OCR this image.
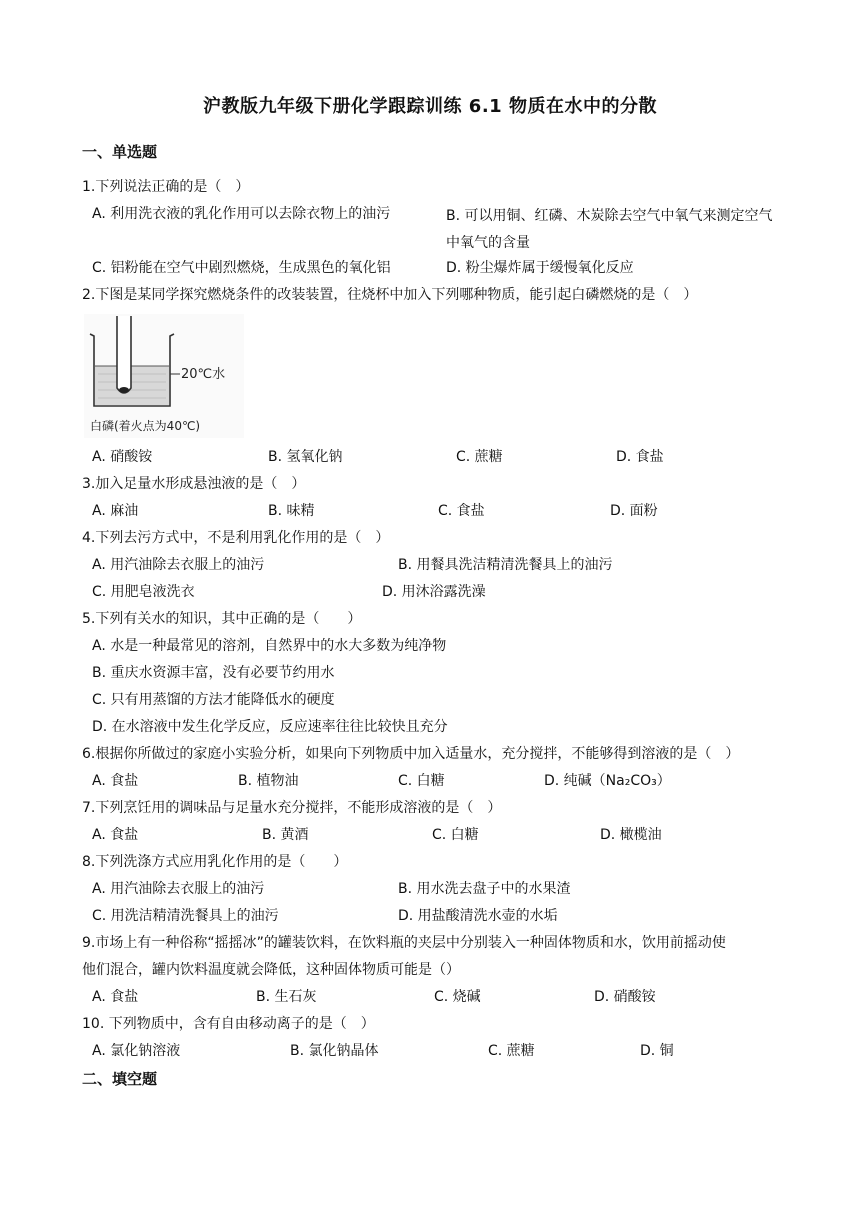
沪教版九年级下册化学跟踪训练 6.1 物质在水中的分散
一、单选题
1.下列说法正确的是（　）
A. 利用洗衣液的乳化作用可以去除衣物上的油污	B. 可以用铜、红磷、木炭除去空气中氧气来测定空气中氧气的含量
C. 铝粉能在空气中剧烈燃烧，生成黑色的氧化铝	D. 粉尘爆炸属于缓慢氧化反应
2.下图是某同学探究燃烧条件的改装装置，往烧杯中加入下列哪种物质，能引起白磷燃烧的是（　）
20℃水
白磷(着火点为40℃)
A. 硝酸铵	B. 氢氧化钠	C. 蔗糖	D. 食盐
3.加入足量水形成悬浊液的是（　）
A. 麻油	B. 味精	C. 食盐	D. 面粉
4.下列去污方式中，不是利用乳化作用的是（　）
A. 用汽油除去衣服上的油污	B. 用餐具洗洁精清洗餐具上的油污
C. 用肥皂液洗衣	D. 用沐浴露洗澡
5.下列有关水的知识，其中正确的是（　　）
A. 水是一种最常见的溶剂，自然界中的水大多数为纯净物
B. 重庆水资源丰富，没有必要节约用水
C. 只有用蒸馏的方法才能降低水的硬度
D. 在水溶液中发生化学反应，反应速率往往比较快且充分
6.根据你所做过的家庭小实验分析，如果向下列物质中加入适量水，充分搅拌，不能够得到溶液的是（　）
A. 食盐	B. 植物油	C. 白糖	D. 纯碱（Na₂CO₃）
7.下列烹饪用的调味品与足量水充分搅拌，不能形成溶液的是（　）
A. 食盐	B. 黄酒	C. 白糖	D. 橄榄油
8.下列洗涤方式应用乳化作用的是（　　）
A. 用汽油除去衣服上的油污	B. 用水洗去盘子中的水果渣
C. 用洗洁精清洗餐具上的油污	D. 用盐酸清洗水壶的水垢
9.市场上有一种俗称“摇摇冰”的罐装饮料，在饮料瓶的夹层中分别装入一种固体物质和水，饮用前摇动使
他们混合，罐内饮料温度就会降低，这种固体物质可能是（）
A. 食盐	B. 生石灰	C. 烧碱	D. 硝酸铵
10. 下列物质中，含有自由移动离子的是（　）
A. 氯化钠溶液	B. 氯化钠晶体	C. 蔗糖	D. 铜
二、填空题
